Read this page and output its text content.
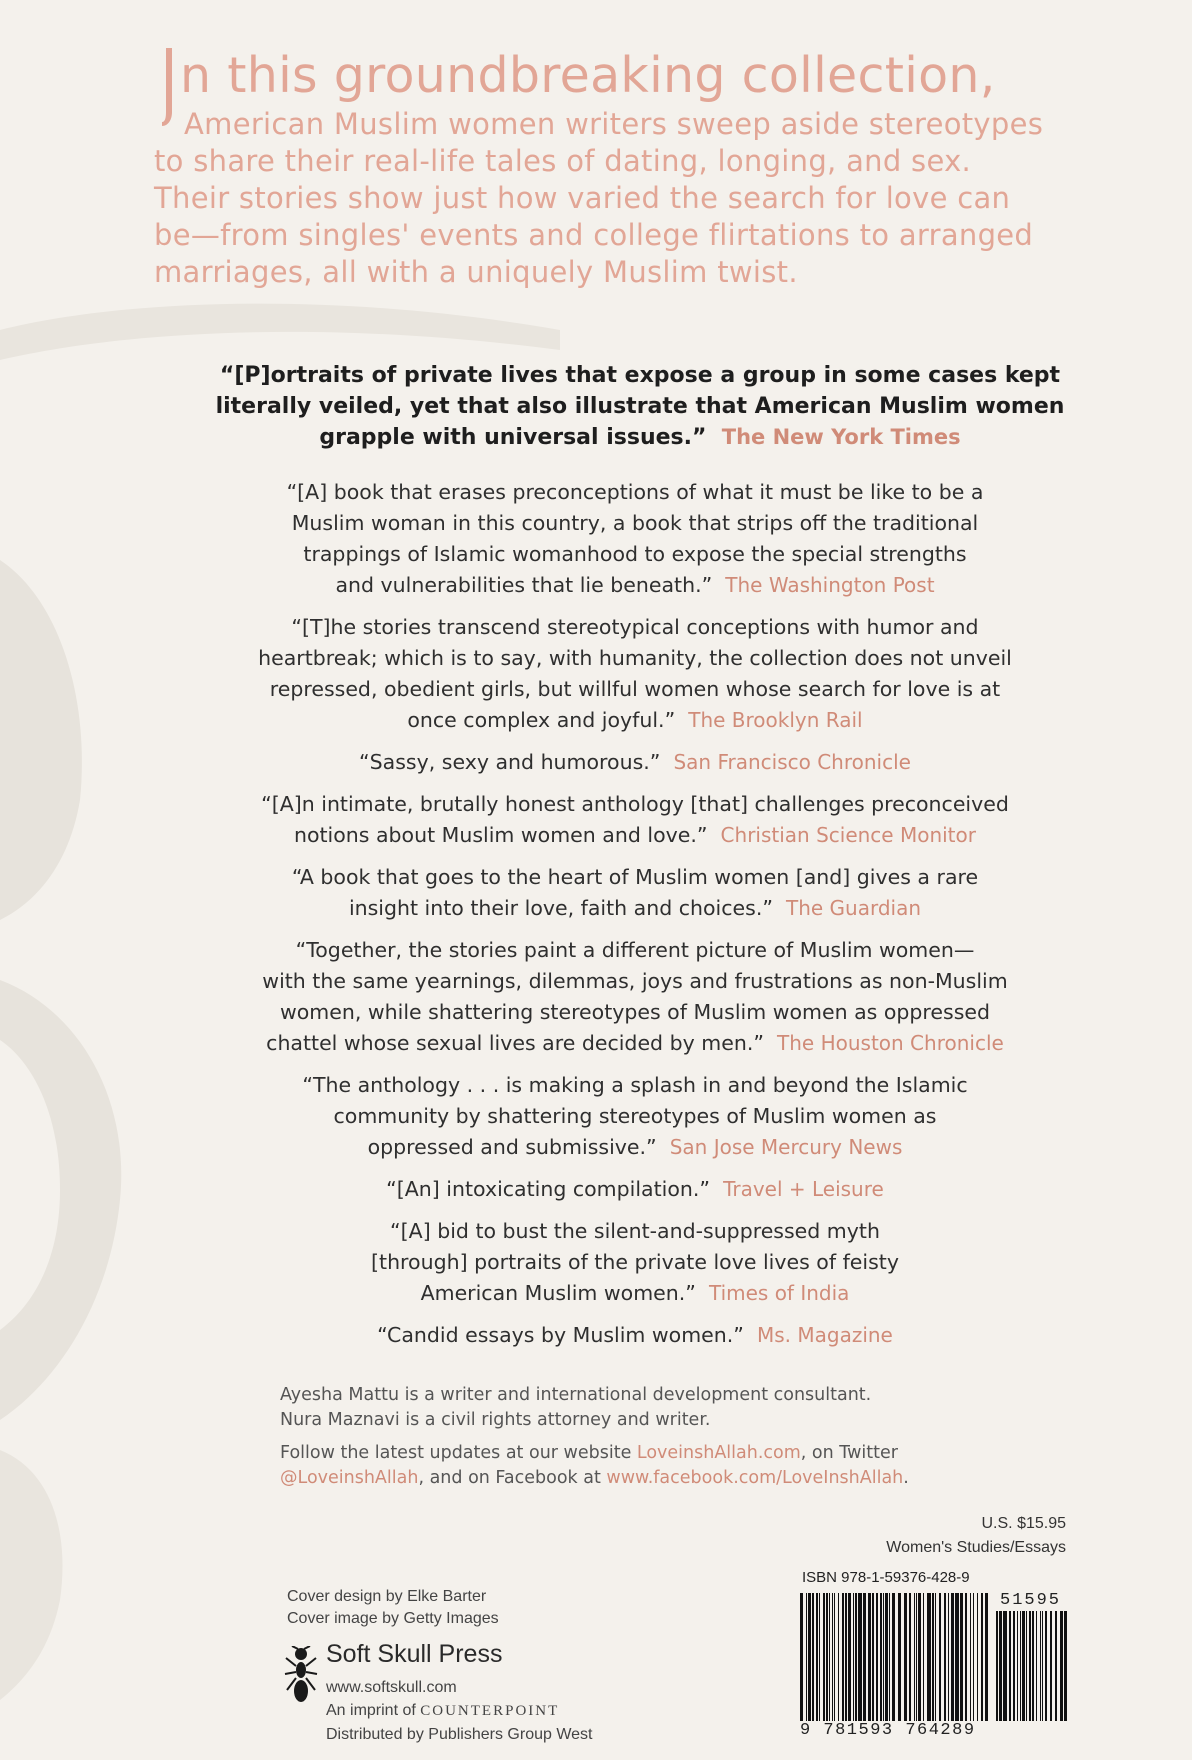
n this groundbreaking collection,
American Muslim women writers sweep aside stereotypes
to share their real-life tales of dating, longing, and sex.
Their stories show just how varied the search for love can
be—from singles' events and college flirtations to arranged
marriages, all with a uniquely Muslim twist.
“[P]ortraits of private lives that expose a group in some cases kept
literally veiled, yet that also illustrate that American Muslim women
grapple with universal issues.” The New York Times
“[A] book that erases preconceptions of what it must be like to be a
Muslim woman in this country, a book that strips off the traditional
trappings of Islamic womanhood to expose the special strengths
and vulnerabilities that lie beneath.” The Washington Post
“[T]he stories transcend stereotypical conceptions with humor and
heartbreak; which is to say, with humanity, the collection does not unveil
repressed, obedient girls, but willful women whose search for love is at
once complex and joyful.” The Brooklyn Rail
“Sassy, sexy and humorous.” San Francisco Chronicle
“[A]n intimate, brutally honest anthology [that] challenges preconceived
notions about Muslim women and love.” Christian Science Monitor
“A book that goes to the heart of Muslim women [and] gives a rare
insight into their love, faith and choices.” The Guardian
“Together, the stories paint a different picture of Muslim women—
with the same yearnings, dilemmas, joys and frustrations as non-Muslim
women, while shattering stereotypes of Muslim women as oppressed
chattel whose sexual lives are decided by men.” The Houston Chronicle
“The anthology . . . is making a splash in and beyond the Islamic
community by shattering stereotypes of Muslim women as
oppressed and submissive.” San Jose Mercury News
“[An] intoxicating compilation.” Travel + Leisure
“[A] bid to bust the silent-and-suppressed myth
[through] portraits of the private love lives of feisty
American Muslim women.” Times of India
“Candid essays by Muslim women.” Ms. Magazine

Ayesha Mattu is a writer and international development consultant.

Nura Maznavi is a civil rights attorney and writer.

Follow the latest updates at our website LoveinshAllah.com, on Twitter
@LoveinshAllah, and on Facebook at www.facebook.com/LoveInshAllah.

U.S. $15.95
Women's Studies/Essays
Cover design by Elke Barter
Cover image by Getty Images
Soft Skull Press
www.softskull.com
An imprint of COUNTERPOINT
Distributed by Publishers Group West
ISBN 978-1-59376-428-9
51595
9 781593 764289
